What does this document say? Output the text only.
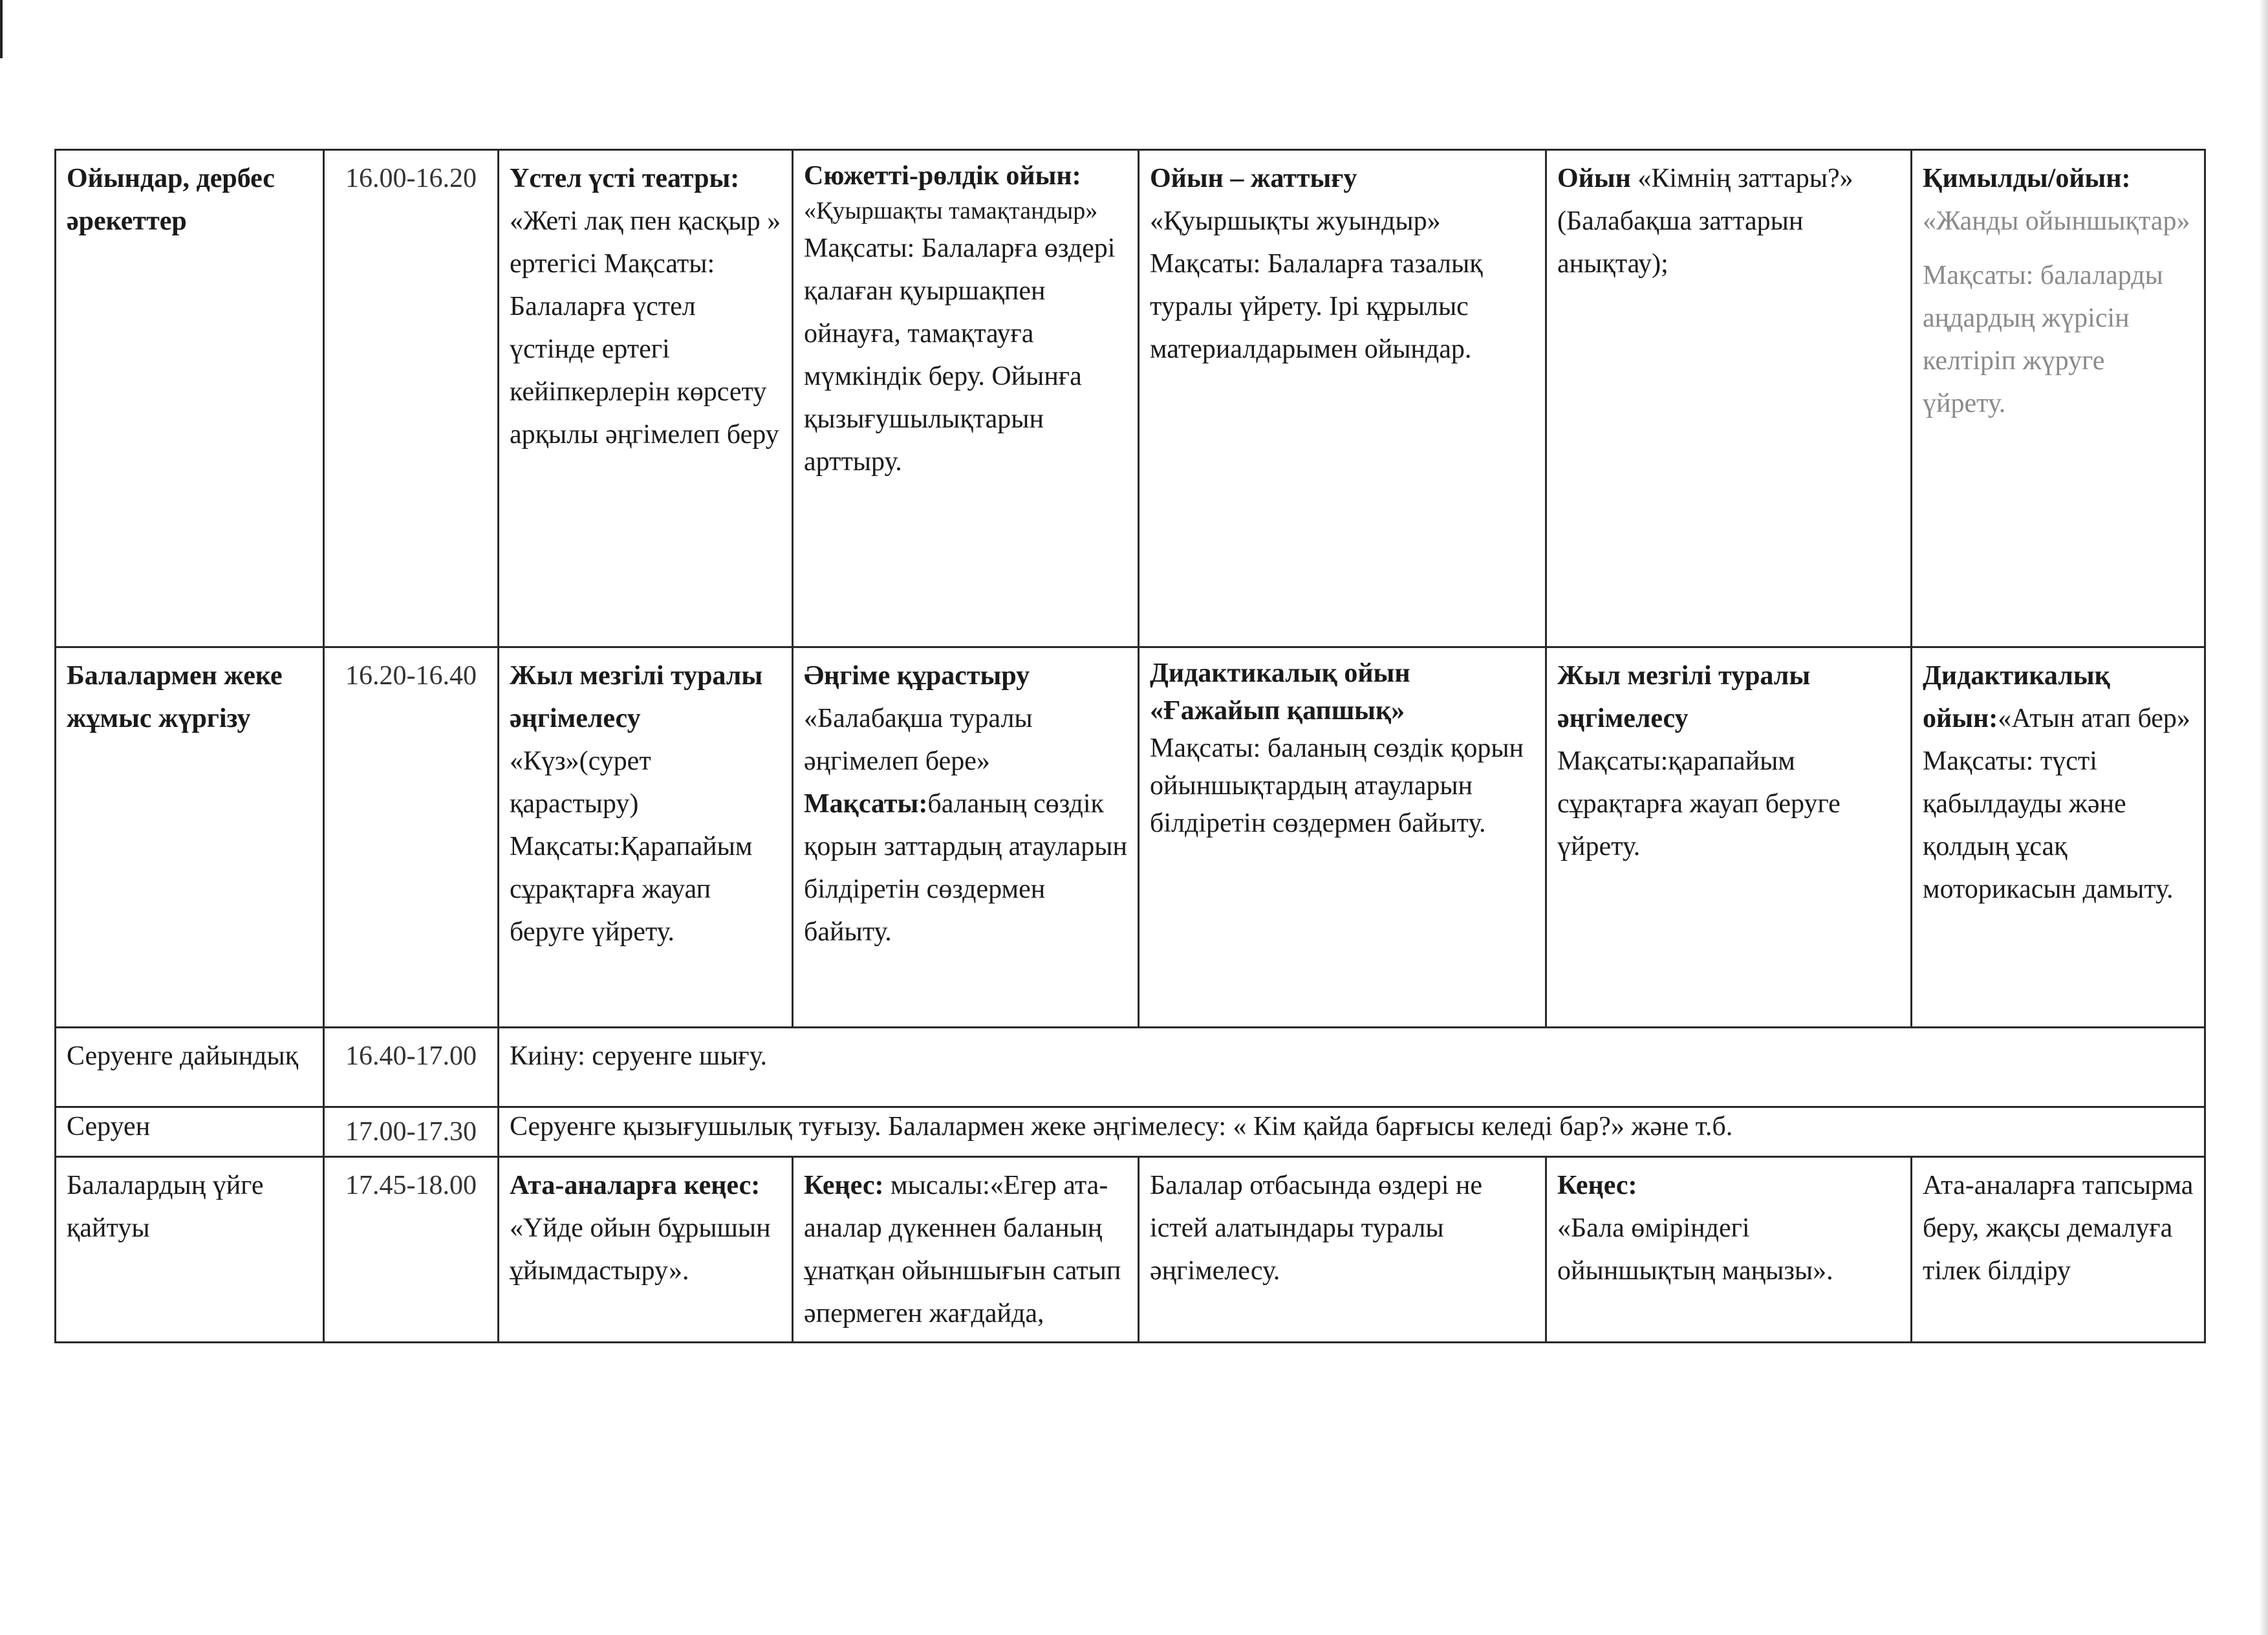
Ойындар, дербес әрекеттер	16.00-16.20	Үстел үсті театры:
«Жеті лақ пен қасқыр » ертегісі Мақсаты: Балаларға үстел үстінде ертегі кейіпкерлерін көрсету арқылы әңгімелеп беру	Сюжетті-рөлдік ойын:
«Қуыршақты тамақтандыр»
Мақсаты: Балаларға өздері қалаған қуыршақпен ойнауға, тамақтауға мүмкіндік беру. Ойынға қызығушылықтарын арттыру.	Ойын – жаттығу
«Қуыршықты жуындыр» Мақсаты: Балаларға тазалық туралы үйрету. Ірі құрылыс материалдарымен ойындар.	Ойын «Кімнің заттары?» (Балабақша заттарын анықтау);	Қимылды/ойын:
«Жанды ойыншықтар»
Мақсаты: балаларды аңдардың жүрісін келтіріп жүруге үйрету.

Балалармен жеке жұмыс жүргізу	16.20-16.40	Жыл мезгілі туралы әңгімелесу
«Күз»(сурет қарастыру) Мақсаты:Қарапайым сұрақтарға жауап беруге үйрету.	Әңгіме құрастыру
«Балабақша туралы әңгімелеп бере»
Мақсаты:баланың сөздік қорын заттардың атауларын білдіретін сөздермен байыту.	Дидактикалық ойын «Ғажайып қапшық»
Мақсаты: баланың сөздік қорын ойыншықтардың атауларын білдіретін сөздермен байыту.	Жыл мезгілі туралы әңгімелесу
Мақсаты:қарапайым сұрақтарға жауап беруге үйрету.	Дидактикалық ойын:«Атын атап бер»
Мақсаты: түсті қабылдауды және қолдың ұсақ моторикасын дамыту.

Серуенге дайындық	16.40-17.00	Киіну: серуенге шығу.				
Серуен	17.00-17.30	Серуенге қызығушылық туғызу. Балалармен жеке әңгімелесу: « Кім қайда барғысы келеді бар?» және т.б.				
Балалардың үйге қайтуы	17.45-18.00	Ата-аналарға кеңес:
«Үйде ойын бұрышын ұйымдастыру».	Кеңес: мысалы:«Егер ата-аналар дүкеннен баланың ұнатқан ойыншығын сатып әпермеген жағдайда,	Балалар отбасында өздері не істей алатындары туралы әңгімелесу.	Кеңес:
«Бала өміріндегі ойыншықтың маңызы».	Ата-аналарға тапсырма беру, жақсы демалуға тілек білдіру
